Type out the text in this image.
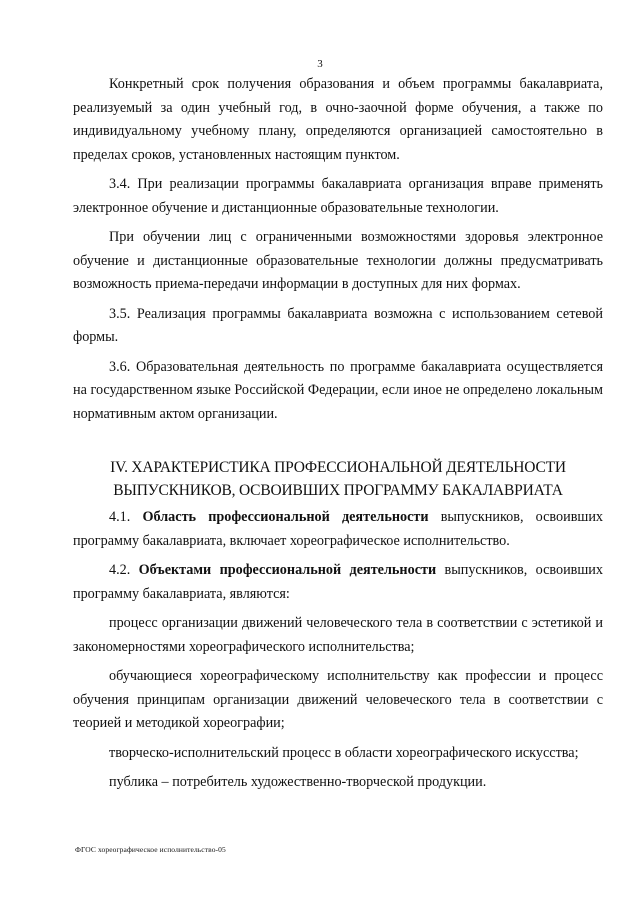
3

Конкретный срок получения образования и объем программы бакалавриата, реализуемый за один учебный год, в очно-заочной форме обучения, а также по индивидуальному учебному плану, определяются организацией самостоятельно в пределах сроков, установленных настоящим пунктом.

3.4. При реализации программы бакалавриата организация вправе применять электронное обучение и дистанционные образовательные технологии.

При обучении лиц с ограниченными возможностями здоровья электронное обучение и дистанционные образовательные технологии должны предусматривать возможность приема-передачи информации в доступных для них формах.

3.5. Реализация программы бакалавриата возможна с использованием сетевой формы.

3.6. Образовательная деятельность по программе бакалавриата осуществляется на государственном языке Российской Федерации, если иное не определено локальным нормативным актом организации.

IV. ХАРАКТЕРИСТИКА ПРОФЕССИОНАЛЬНОЙ ДЕЯТЕЛЬНОСТИ
ВЫПУСКНИКОВ, ОСВОИВШИХ ПРОГРАММУ БАКАЛАВРИАТА

4.1. Область профессиональной деятельности выпускников, освоивших программу бакалавриата, включает хореографическое исполнительство.

4.2. Объектами профессиональной деятельности выпускников, освоивших программу бакалавриата, являются:

процесс организации движений человеческого тела в соответствии с эстетикой и закономерностями хореографического исполнительства;

обучающиеся хореографическому исполнительству как профессии и процесс обучения принципам организации движений человеческого тела в соответствии с теорией и методикой хореографии;

творческо-исполнительский процесс в области хореографического искусства;

публика – потребитель художественно-творческой продукции.

ФГОС хореографическое исполнительство-05
